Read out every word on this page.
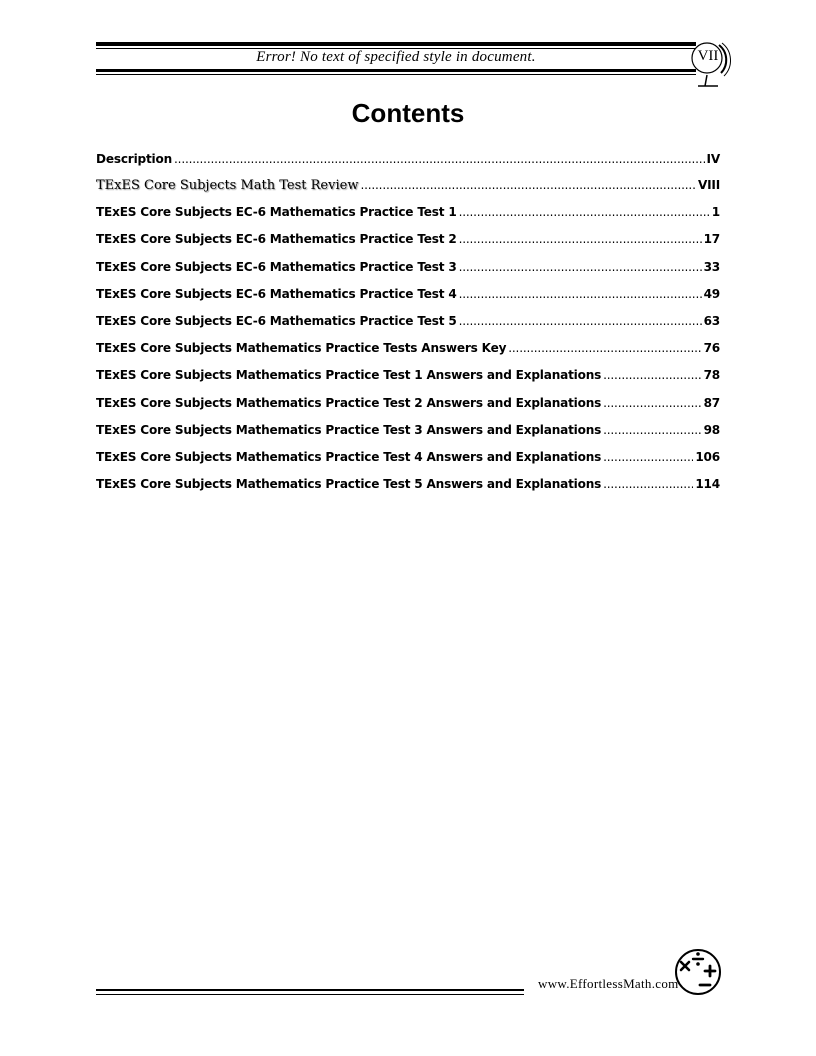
Error! No text of specified style in document.	VII
Contents
Description .....	IV
TExES Core Subjects Math Test Review .....	VIII
TExES Core Subjects EC-6 Mathematics Practice Test 1 .....	1
TExES Core Subjects EC-6 Mathematics Practice Test 2 .....	17
TExES Core Subjects EC-6 Mathematics Practice Test 3 .....	33
TExES Core Subjects EC-6 Mathematics Practice Test 4 .....	49
TExES Core Subjects EC-6 Mathematics Practice Test 5 .....	63
TExES Core Subjects Mathematics Practice Tests Answers Key .....	76
TExES Core Subjects Mathematics Practice Test 1 Answers and Explanations .....	78
TExES Core Subjects Mathematics Practice Test 2 Answers and Explanations .....	87
TExES Core Subjects Mathematics Practice Test 3 Answers and Explanations .....	98
TExES Core Subjects Mathematics Practice Test 4 Answers and Explanations .....	106
TExES Core Subjects Mathematics Practice Test 5 Answers and Explanations .....	114
www.EffortlessMath.com
